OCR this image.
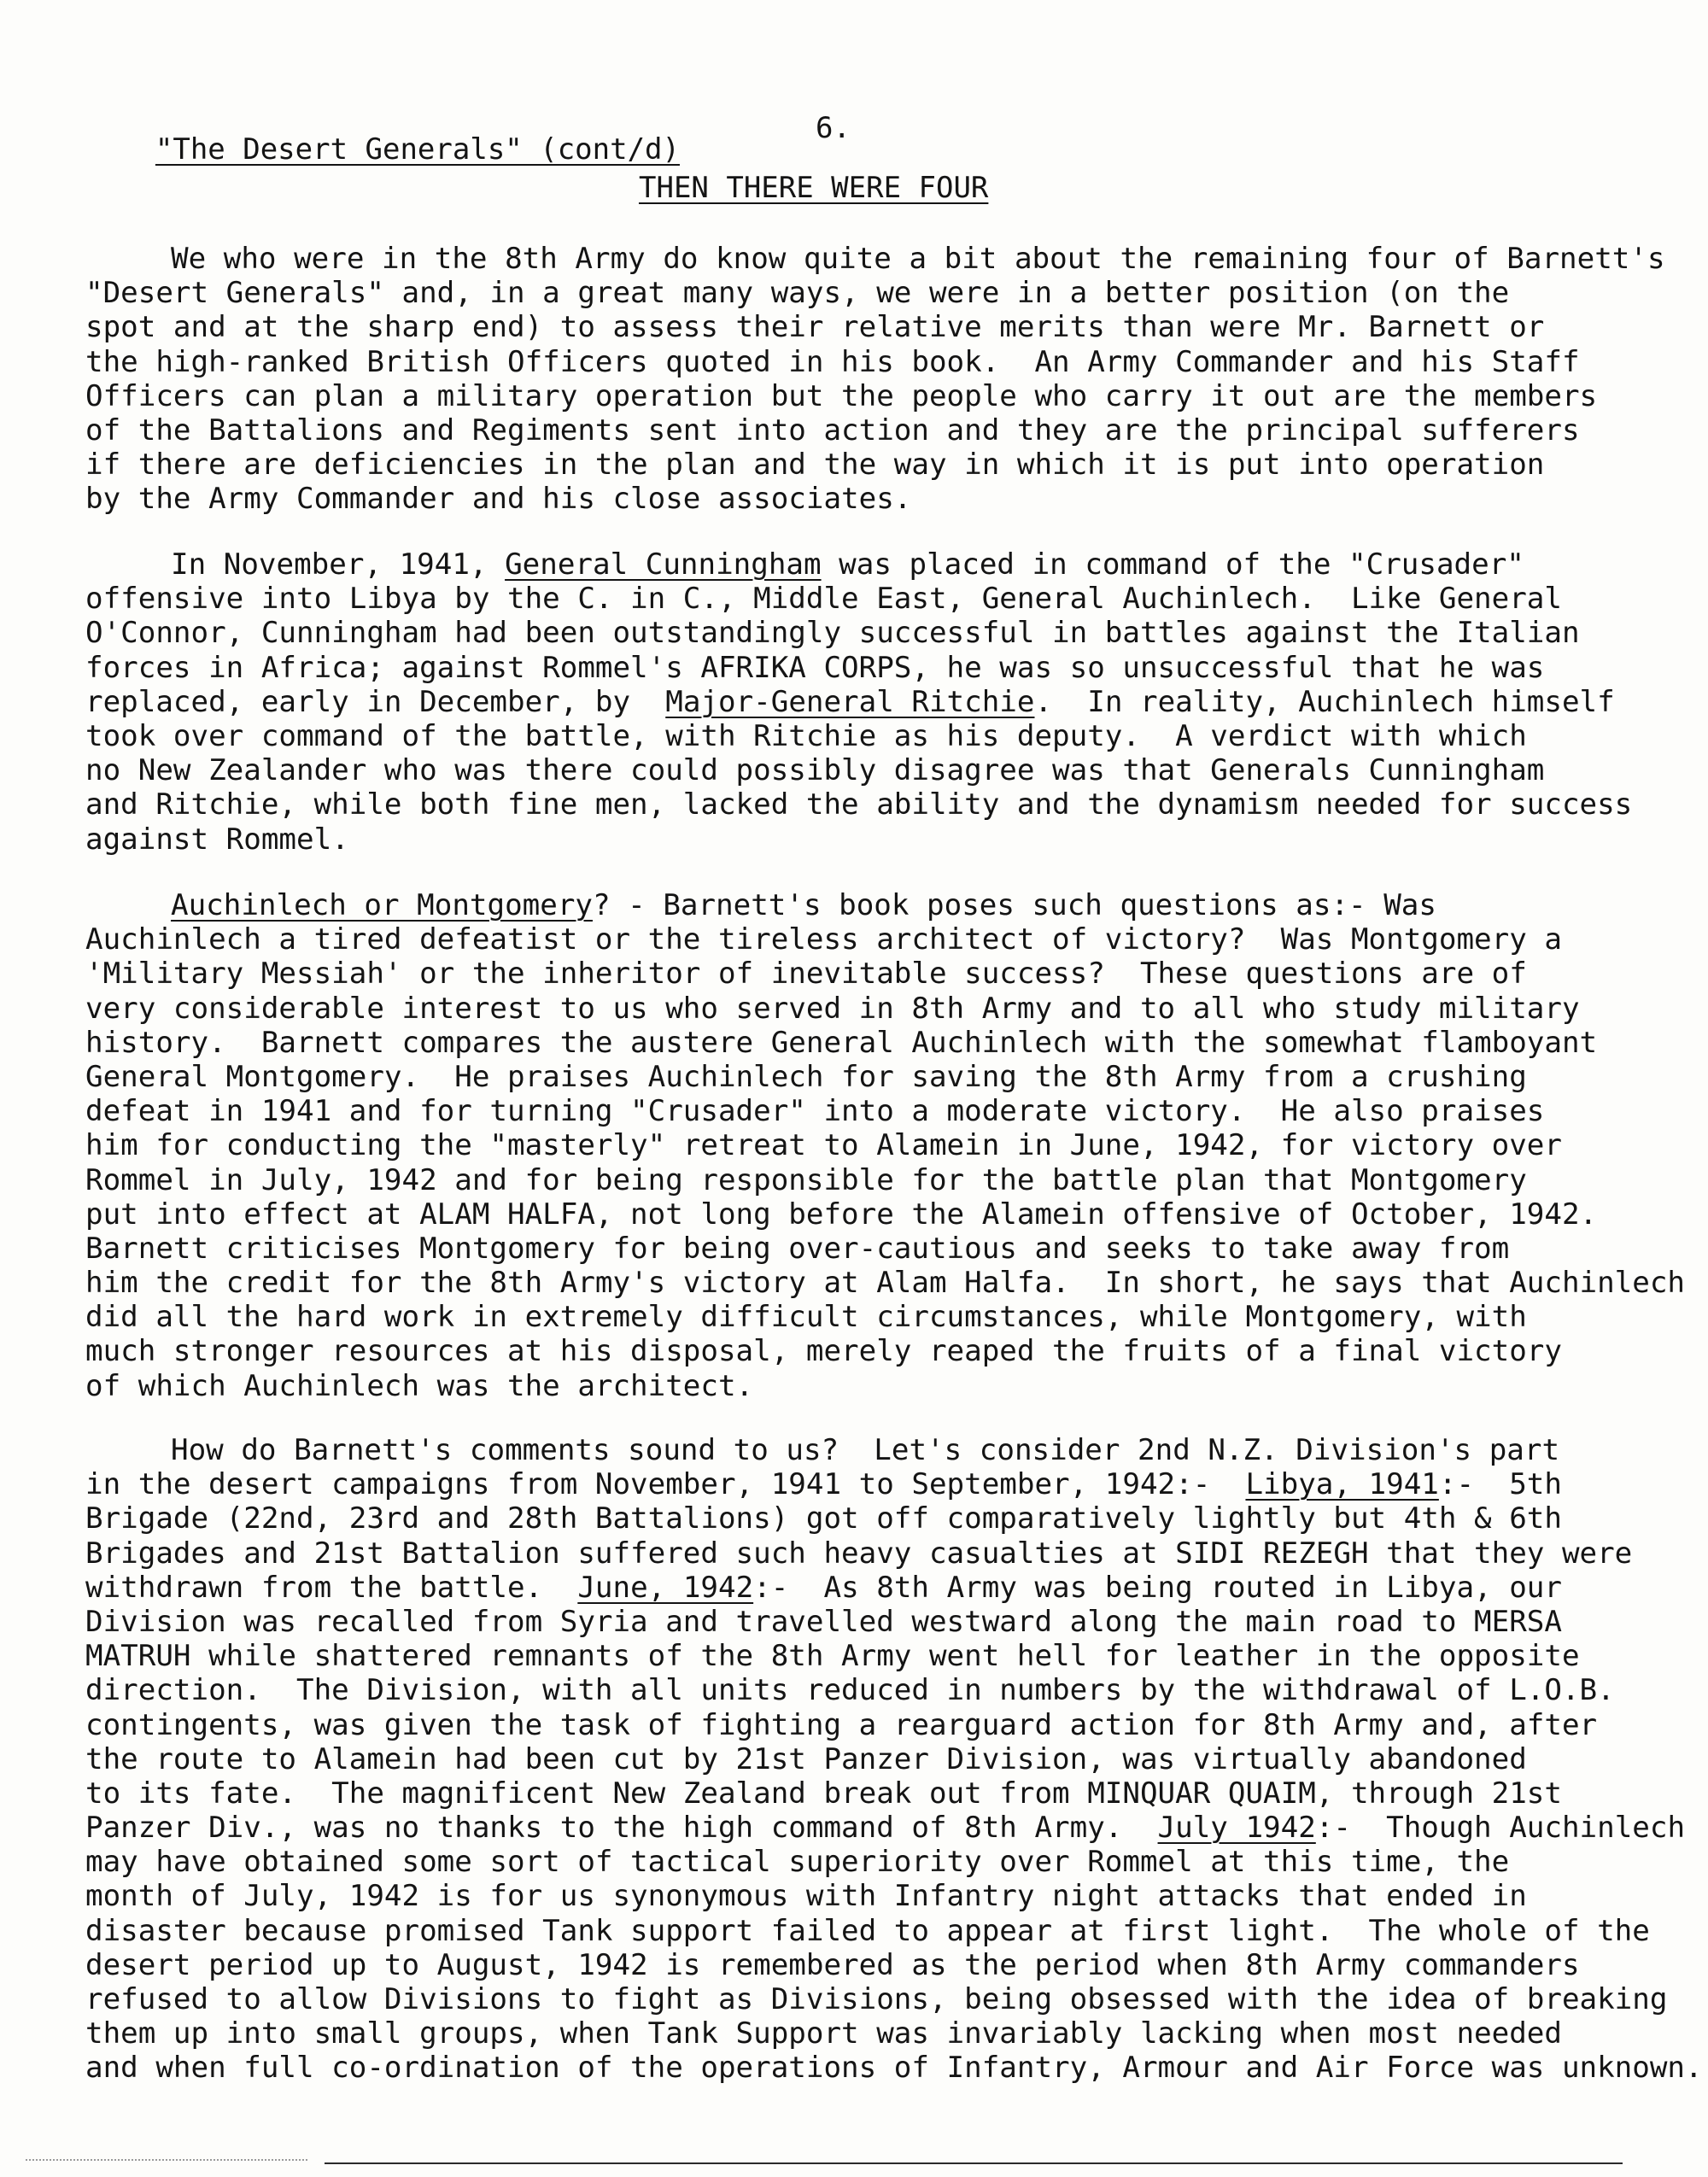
"The Desert Generals" (cont/d)

6.
THEN THERE WERE FOUR
We who were in the 8th Army do know quite a bit about the remaining four of Barnett's
"Desert Generals" and, in a great many ways, we were in a better position (on the
spot and at the sharp end) to assess their relative merits than were Mr. Barnett or
the high-ranked British Officers quoted in his book.  An Army Commander and his Staff
Officers can plan a military operation but the people who carry it out are the members
of the Battalions and Regiments sent into action and they are the principal sufferers
if there are deficiencies in the plan and the way in which it is put into operation
by the Army Commander and his close associates.
In November, 1941, General Cunningham was placed in command of the "Crusader"
offensive into Libya by the C. in C., Middle East, General Auchinlech.  Like General
O'Connor, Cunningham had been outstandingly successful in battles against the Italian
forces in Africa; against Rommel's AFRIKA CORPS, he was so unsuccessful that he was
replaced, early in December, by  Major-General Ritchie.  In reality, Auchinlech himself
took over command of the battle, with Ritchie as his deputy.  A verdict with which
no New Zealander who was there could possibly disagree was that Generals Cunningham
and Ritchie, while both fine men, lacked the ability and the dynamism needed for success
against Rommel.
Auchinlech or Montgomery? - Barnett's book poses such questions as:- Was
Auchinlech a tired defeatist or the tireless architect of victory?  Was Montgomery a
'Military Messiah' or the inheritor of inevitable success?  These questions are of
very considerable interest to us who served in 8th Army and to all who study military
history.  Barnett compares the austere General Auchinlech with the somewhat flamboyant
General Montgomery.  He praises Auchinlech for saving the 8th Army from a crushing
defeat in 1941 and for turning "Crusader" into a moderate victory.  He also praises
him for conducting the "masterly" retreat to Alamein in June, 1942, for victory over
Rommel in July, 1942 and for being responsible for the battle plan that Montgomery
put into effect at ALAM HALFA, not long before the Alamein offensive of October, 1942.
Barnett criticises Montgomery for being over-cautious and seeks to take away from
him the credit for the 8th Army's victory at Alam Halfa.  In short, he says that Auchinlech
did all the hard work in extremely difficult circumstances, while Montgomery, with
much stronger resources at his disposal, merely reaped the fruits of a final victory
of which Auchinlech was the architect.
How do Barnett's comments sound to us?  Let's consider 2nd N.Z. Division's part
in the desert campaigns from November, 1941 to September, 1942:-  Libya, 1941:-  5th
Brigade (22nd, 23rd and 28th Battalions) got off comparatively lightly but 4th & 6th
Brigades and 21st Battalion suffered such heavy casualties at SIDI REZEGH that they were
withdrawn from the battle.  June, 1942:-  As 8th Army was being routed in Libya, our
Division was recalled from Syria and travelled westward along the main road to MERSA
MATRUH while shattered remnants of the 8th Army went hell for leather in the opposite
direction.  The Division, with all units reduced in numbers by the withdrawal of L.O.B.
contingents, was given the task of fighting a rearguard action for 8th Army and, after
the route to Alamein had been cut by 21st Panzer Division, was virtually abandoned
to its fate.  The magnificent New Zealand break out from MINQUAR QUAIM, through 21st
Panzer Div., was no thanks to the high command of 8th Army.  July 1942:-  Though Auchinlech
may have obtained some sort of tactical superiority over Rommel at this time, the
month of July, 1942 is for us synonymous with Infantry night attacks that ended in
disaster because promised Tank support failed to appear at first light.  The whole of the
desert period up to August, 1942 is remembered as the period when 8th Army commanders
refused to allow Divisions to fight as Divisions, being obsessed with the idea of breaking
them up into small groups, when Tank Support was invariably lacking when most needed
and when full co-ordination of the operations of Infantry, Armour and Air Force was unknown.
